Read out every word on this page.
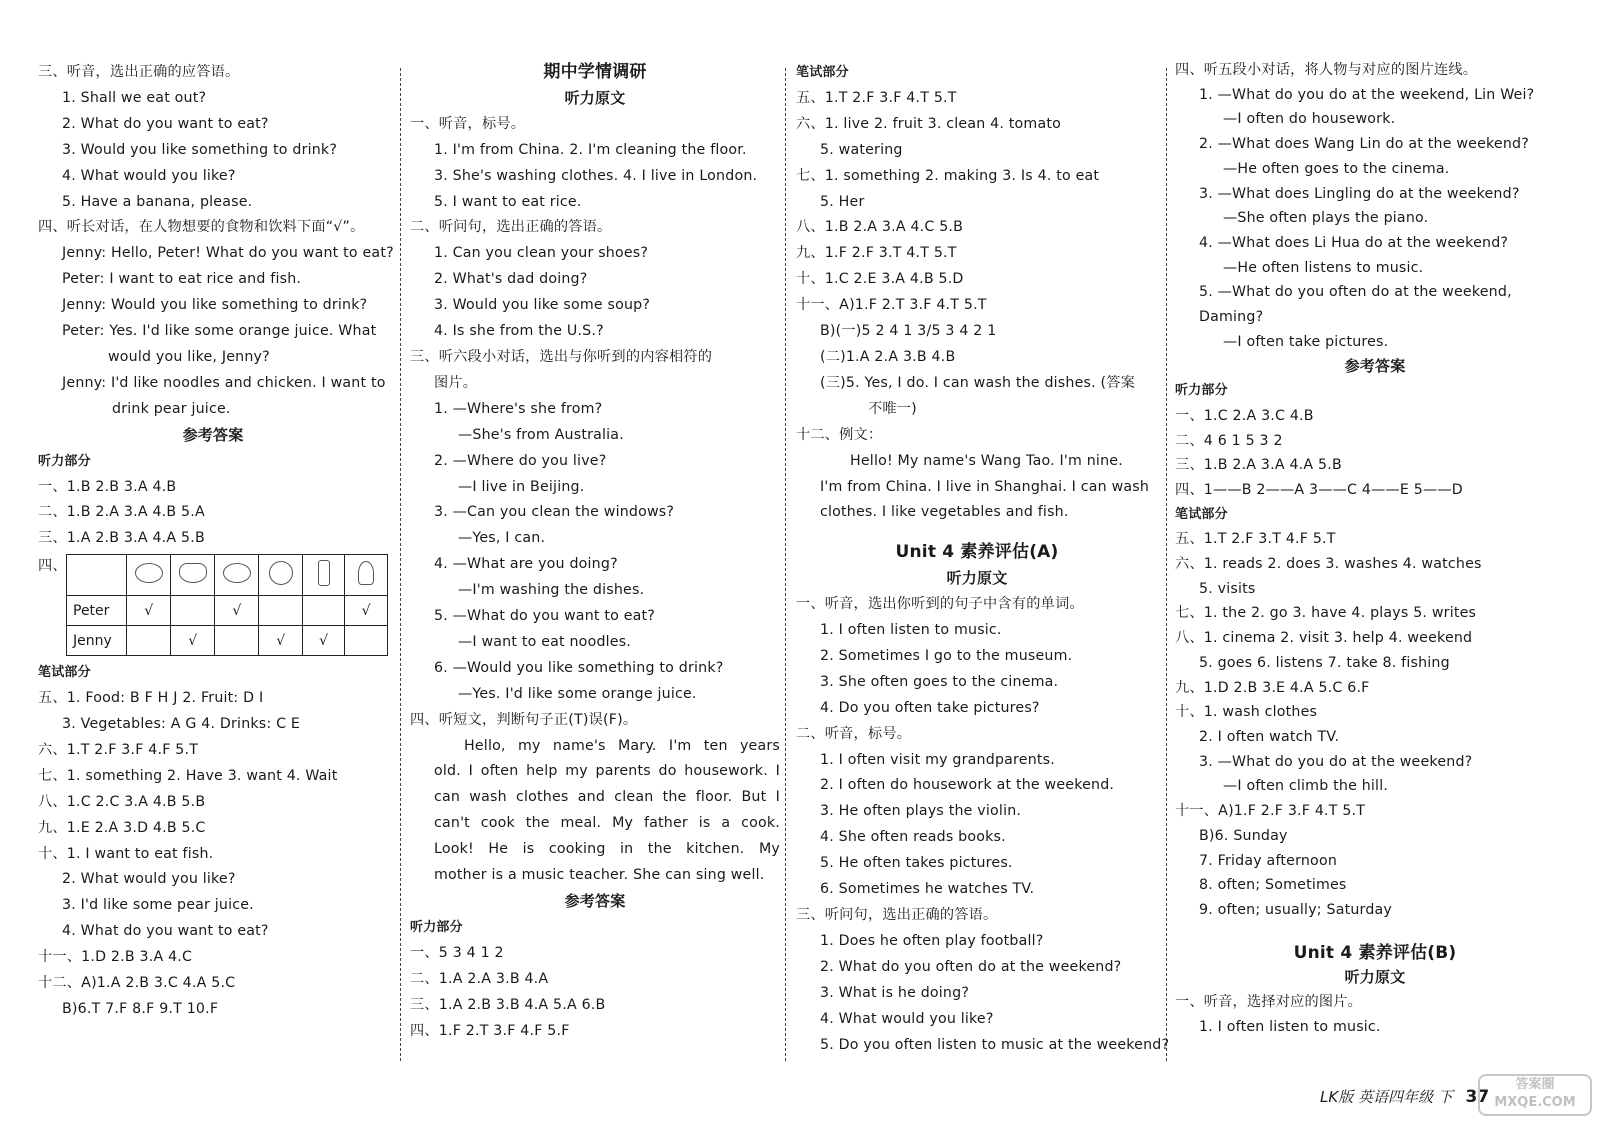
三、听音，选出正确的应答语。
1. Shall we eat out?
2. What do you want to eat?
3. Would you like something to drink?
4. What would you like?
5. Have a banana, please.
四、听长对话，在人物想要的食物和饮料下面“√”。
Jenny: Hello, Peter! What do you want to eat?
Peter: I want to eat rice and fish.
Jenny: Would you like something to drink?
Peter: Yes. I'd like some orange juice. What
would you like, Jenny?
Jenny: I'd like noodles and chicken. I want to
drink pear juice.
参考答案
听力部分
一、1.B 2.B 3.A 4.B
二、1.B 2.A 3.A 4.B 5.A
三、1.A 2.B 3.A 4.A 5.B
四、

Peter	√		√			√
Jenny		√		√	√	
笔试部分
五、1. Food: B F H J 2. Fruit: D I
3. Vegetables: A G 4. Drinks: C E
六、1.T 2.F 3.F 4.F 5.T
七、1. something 2. Have 3. want 4. Wait
八、1.C 2.C 3.A 4.B 5.B
九、1.E 2.A 3.D 4.B 5.C
十、1. I want to eat fish.
2. What would you like?
3. I'd like some pear juice.
4. What do you want to eat?
十一、1.D 2.B 3.A 4.C
十二、A)1.A 2.B 3.C 4.A 5.C
B)6.T 7.F 8.F 9.T 10.F
期中学情调研
听力原文
一、听音，标号。
1. I'm from China. 2. I'm cleaning the floor.
3. She's washing clothes. 4. I live in London.
5. I want to eat rice.
二、听问句，选出正确的答语。
1. Can you clean your shoes?
2. What's dad doing?
3. Would you like some soup?
4. Is she from the U.S.?
三、听六段小对话，选出与你听到的内容相符的
图片。
1. —Where's she from?
—She's from Australia.
2. —Where do you live?
—I live in Beijing.
3. —Can you clean the windows?
—Yes, I can.
4. —What are you doing?
—I'm washing the dishes.
5. —What do you want to eat?
—I want to eat noodles.
6. —Would you like something to drink?
—Yes. I'd like some orange juice.
四、听短文，判断句子正(T)误(F)。
Hello, my name's Mary. I'm ten years
old. I often help my parents do housework. I
can wash clothes and clean the floor. But I
can't cook the meal. My father is a cook.
Look! He is cooking in the kitchen. My
mother is a music teacher. She can sing well.
参考答案
听力部分
一、5 3 4 1 2
二、1.A 2.A 3.B 4.A
三、1.A 2.B 3.B 4.A 5.A 6.B
四、1.F 2.T 3.F 4.F 5.F
笔试部分
五、1.T 2.F 3.F 4.T 5.T
六、1. live 2. fruit 3. clean 4. tomato
5. watering
七、1. something 2. making 3. Is 4. to eat
5. Her
八、1.B 2.A 3.A 4.C 5.B
九、1.F 2.F 3.T 4.T 5.T
十、1.C 2.E 3.A 4.B 5.D
十一、A)1.F 2.T 3.F 4.T 5.T
B)(一)5 2 4 1 3/5 3 4 2 1
(二)1.A 2.A 3.B 4.B
(三)5. Yes, I do. I can wash the dishes. (答案
不唯一)
十二、例文：
Hello! My name's Wang Tao. I'm nine.
I'm from China. I live in Shanghai. I can wash
clothes. I like vegetables and fish.
Unit 4 素养评估(A)
听力原文
一、听音，选出你听到的句子中含有的单词。
1. I often listen to music.
2. Sometimes I go to the museum.
3. She often goes to the cinema.
4. Do you often take pictures?
二、听音，标号。
1. I often visit my grandparents.
2. I often do housework at the weekend.
3. He often plays the violin.
4. She often reads books.
5. He often takes pictures.
6. Sometimes he watches TV.
三、听问句，选出正确的答语。
1. Does he often play football?
2. What do you often do at the weekend?
3. What is he doing?
4. What would you like?
5. Do you often listen to music at the weekend?
四、听五段小对话，将人物与对应的图片连线。
1. —What do you do at the weekend, Lin Wei?
—I often do housework.
2. —What does Wang Lin do at the weekend?
—He often goes to the cinema.
3. —What does Lingling do at the weekend?
—She often plays the piano.
4. —What does Li Hua do at the weekend?
—He often listens to music.
5. —What do you often do at the weekend,
Daming?
—I often take pictures.
参考答案
听力部分
一、1.C 2.A 3.C 4.B
二、4 6 1 5 3 2
三、1.B 2.A 3.A 4.A 5.B
四、1——B 2——A 3——C 4——E 5——D
笔试部分
五、1.T 2.F 3.T 4.F 5.T
六、1. reads 2. does 3. washes 4. watches
5. visits
七、1. the 2. go 3. have 4. plays 5. writes
八、1. cinema 2. visit 3. help 4. weekend
5. goes 6. listens 7. take 8. fishing
九、1.D 2.B 3.E 4.A 5.C 6.F
十、1. wash clothes
2. I often watch TV.
3. —What do you do at the weekend?
—I often climb the hill.
十一、A)1.F 2.F 3.F 4.T 5.T
B)6. Sunday
7. Friday afternoon
8. often; Sometimes
9. often; usually; Saturday
Unit 4 素养评估(B)
听力原文
一、听音，选择对应的图片。
1. I often listen to music.
LK版 英语四年级 下 37
答案圈
MXQE.COM
